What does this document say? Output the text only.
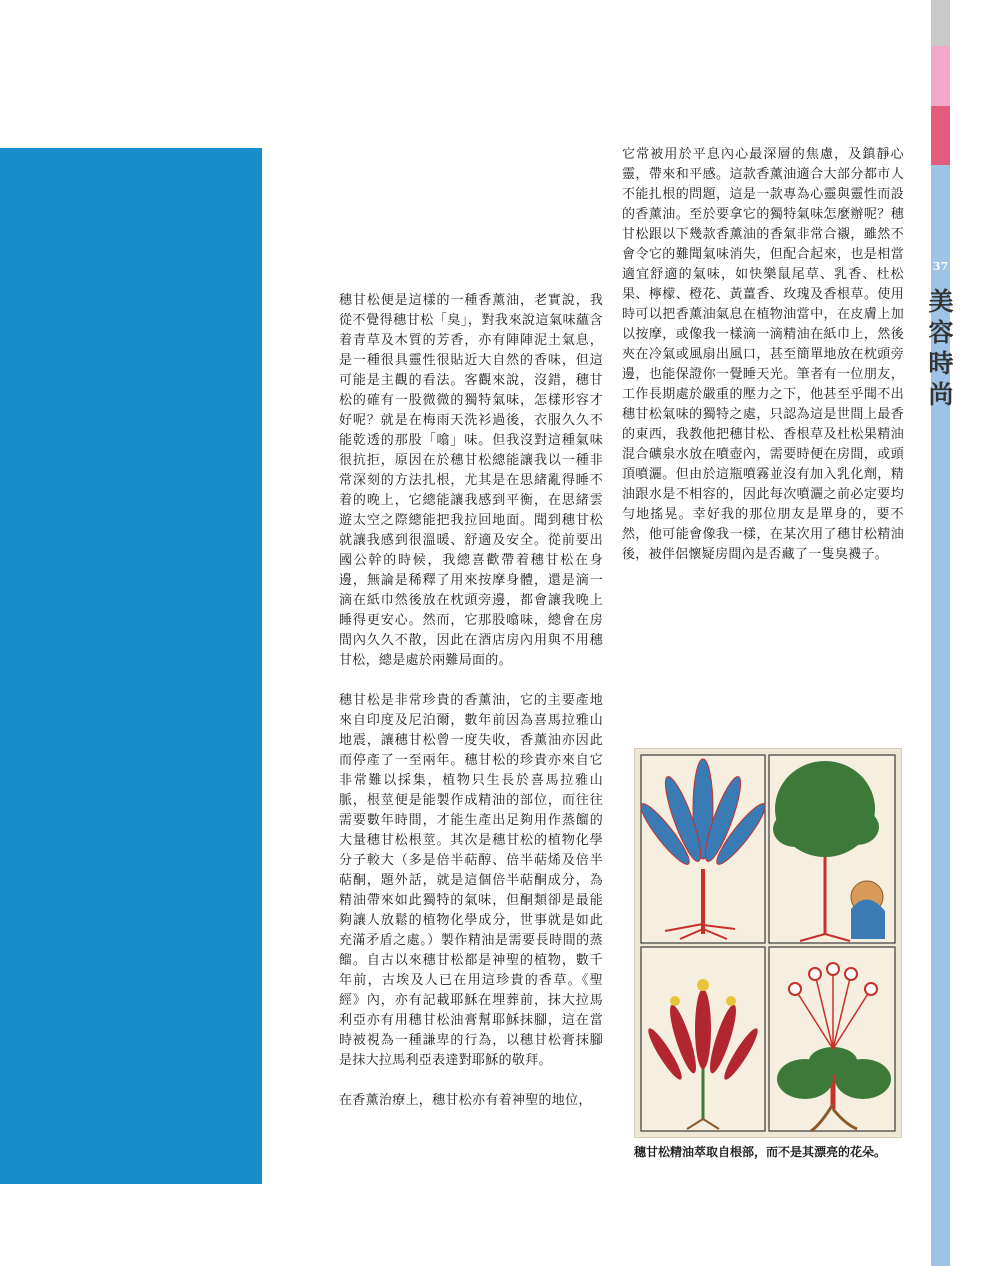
37
美容時尚

穗甘松便是這樣的一種香薰油，老實說，我從不覺得穗甘松「臭」，對我來說這氣味蘊含着青草及木質的芳香，亦有陣陣泥土氣息，是一種很具靈性很貼近大自然的香味，但這可能是主觀的看法。客觀來說，沒錯，穗甘松的確有一股微微的獨特氣味，怎樣形容才好呢？就是在梅雨天洗衫過後，衣服久久不能乾透的那股「噏」味。但我沒對這種氣味很抗拒，原因在於穗甘松總能讓我以一種非常深刻的方法扎根，尤其是在思緒亂得睡不着的晚上，它總能讓我感到平衡，在思緒雲遊太空之際總能把我拉回地面。聞到穗甘松就讓我感到很溫暖、舒適及安全。從前要出國公幹的時候，我總喜歡帶着穗甘松在身邊，無論是稀釋了用來按摩身體，還是滴一滴在紙巾然後放在枕頭旁邊，都會讓我晚上睡得更安心。然而，它那股噏味，總會在房間內久久不散，因此在酒店房內用與不用穗甘松，總是處於兩難局面的。

穗甘松是非常珍貴的香薰油，它的主要產地來自印度及尼泊爾，數年前因為喜馬拉雅山地震，讓穗甘松曾一度失收，香薰油亦因此而停產了一至兩年。穗甘松的珍貴亦來自它非常難以採集，植物只生長於喜馬拉雅山脈，根莖便是能製作成精油的部位，而往往需要數年時間，才能生產出足夠用作蒸餾的大量穗甘松根莖。其次是穗甘松的植物化學分子較大（多是倍半萜醇、倍半萜烯及倍半萜酮，題外話，就是這個倍半萜酮成分，為精油帶來如此獨特的氣味，但酮類卻是最能夠讓人放鬆的植物化學成分，世事就是如此充滿矛盾之處。）製作精油是需要長時間的蒸餾。自古以來穗甘松都是神聖的植物，數千年前，古埃及人已在用這珍貴的香草。《聖經》內，亦有記載耶穌在埋葬前，抹大拉馬利亞亦有用穗甘松油膏幫耶穌抹腳，這在當時被視為一種謙卑的行為，以穗甘松膏抹腳是抹大拉馬利亞表達對耶穌的敬拜。

在香薰治療上，穗甘松亦有着神聖的地位，

它常被用於平息內心最深層的焦慮，及鎮靜心靈，帶來和平感。這款香薰油適合大部分都市人不能扎根的問題，這是一款專為心靈與靈性而設的香薰油。至於要拿它的獨特氣味怎麼辦呢？穗甘松跟以下幾款香薰油的香氣非常合襯，雖然不會令它的難聞氣味消失，但配合起來，也是相當適宜舒適的氣味，如快樂鼠尾草、乳香、杜松果、檸檬、橙花、黃薑香、玫瑰及香根草。使用時可以把香薰油氣息在植物油當中，在皮膚上加以按摩，或像我一樣滴一滴精油在紙巾上，然後夾在冷氣或風扇出風口，甚至簡單地放在枕頭旁邊，也能保證你一覺睡天光。筆者有一位朋友，工作長期處於嚴重的壓力之下，他甚至乎聞不出穗甘松氣味的獨特之處，只認為這是世間上最香的東西，我教他把穗甘松、香根草及杜松果精油混合礦泉水放在噴壺內，需要時便在房間，或頭頂噴灑。但由於這瓶噴霧並沒有加入乳化劑，精油跟水是不相容的，因此每次噴灑之前必定要均勻地搖晃。幸好我的那位朋友是單身的，要不然，他可能會像我一樣，在某次用了穗甘松精油後，被伴侶懷疑房間內是否藏了一隻臭襪子。

穗甘松精油萃取自根部，而不是其漂亮的花朵。
